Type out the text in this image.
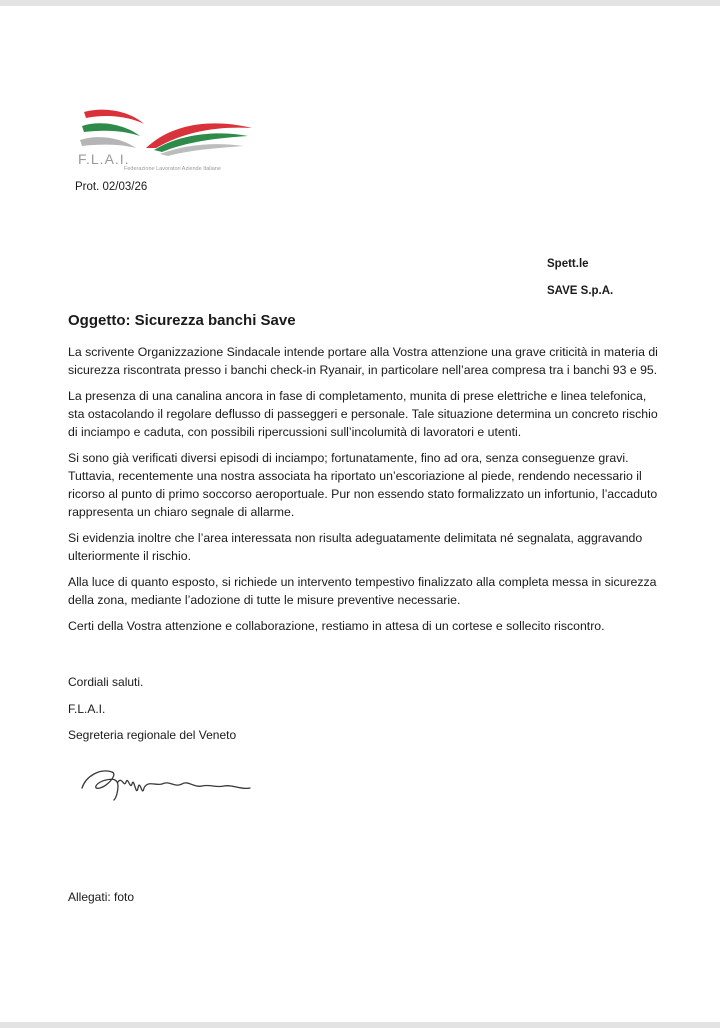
F.L.A.I.
Federazione Lavoratori Aziende Italiane
Prot. 02/03/26
Spett.le
SAVE S.p.A.
Oggetto: Sicurezza banchi Save

La scrivente Organizzazione Sindacale intende portare alla Vostra attenzione una grave criticità in materia di sicurezza riscontrata presso i banchi check-in Ryanair, in particolare nell’area compresa tra i banchi 93 e 95.

La presenza di una canalina ancora in fase di completamento, munita di prese elettriche e linea telefonica, sta ostacolando il regolare deflusso di passeggeri e personale. Tale situazione determina un concreto rischio di inciampo e caduta, con possibili ripercussioni sull’incolumità di lavoratori e utenti.

Si sono già verificati diversi episodi di inciampo; fortunatamente, fino ad ora, senza conseguenze gravi. Tuttavia, recentemente una nostra associata ha riportato un’escoriazione al piede, rendendo necessario il ricorso al punto di primo soccorso aeroportuale. Pur non essendo stato formalizzato un infortunio, l’accaduto rappresenta un chiaro segnale di allarme.

Si evidenzia inoltre che l’area interessata non risulta adeguatamente delimitata né segnalata, aggravando ulteriormente il rischio.

Alla luce di quanto esposto, si richiede un intervento tempestivo finalizzato alla completa messa in sicurezza della zona, mediante l’adozione di tutte le misure preventive necessarie.

Certi della Vostra attenzione e collaborazione, restiamo in attesa di un cortese e sollecito riscontro.

Cordiali saluti.
F.L.A.I.
Segreteria regionale del Veneto
Allegati: foto
